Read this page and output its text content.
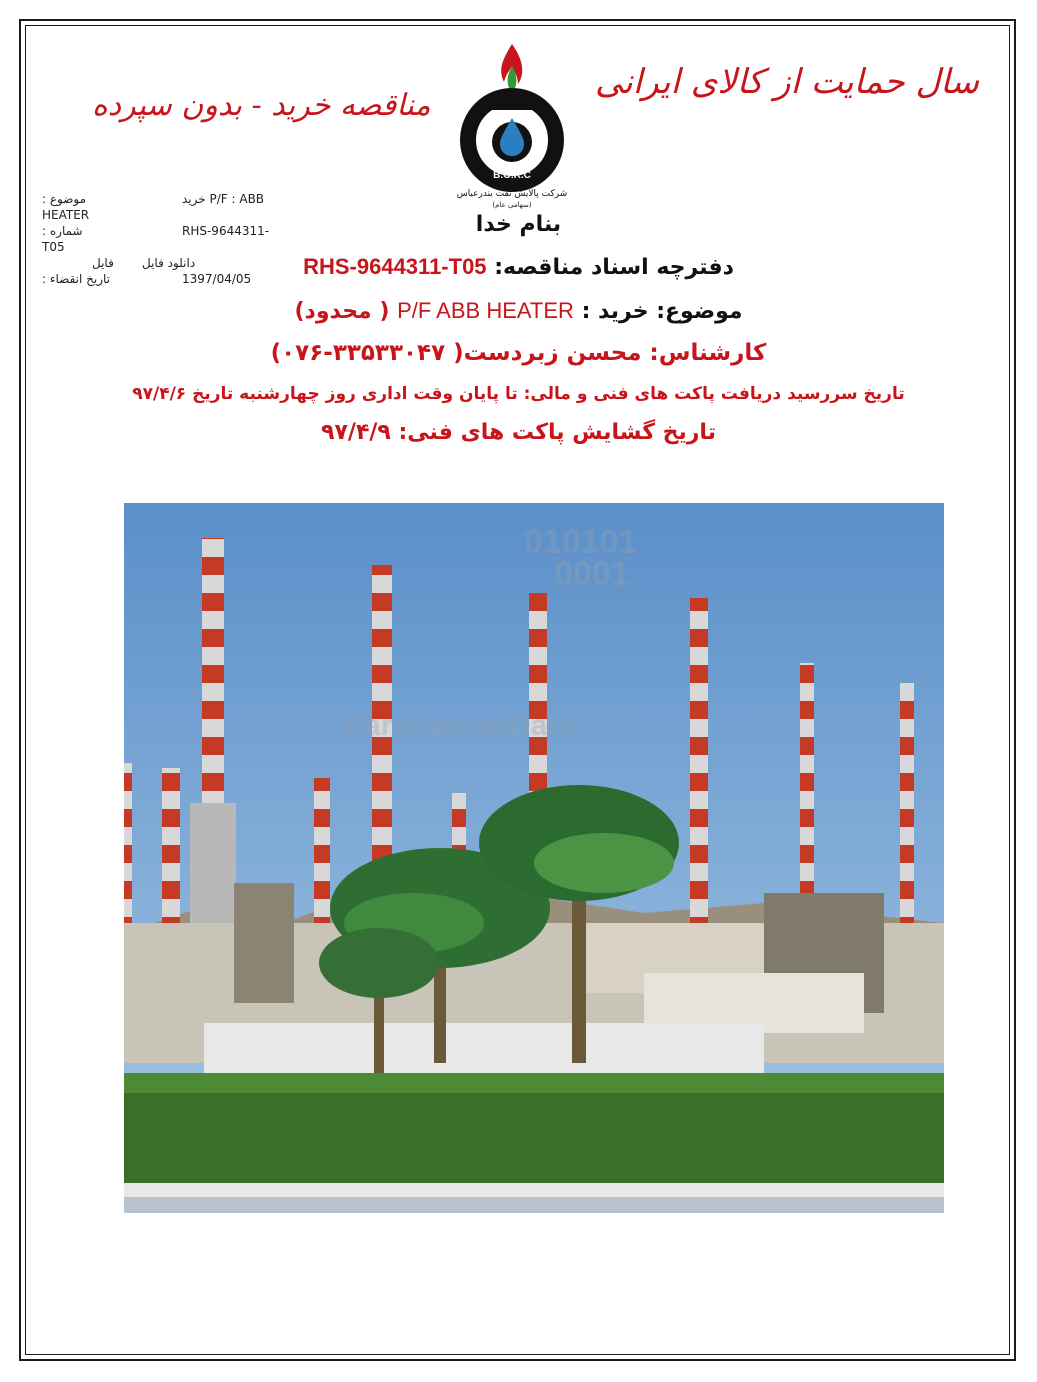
سال حمایت از کالای ایرانی
مناقصه خرید - بدون سپرده
B.O.R.C
شرکت پالایش نفت بندرعباس
(سهامی عام)
موضوع :	خرید P/F : ABB
HEATER
شماره :	RHS-9644311-
T05
فایل دانلود فایل
تاریخ انقضاء :	1397/04/05
بنام خدا
دفترچه اسناد مناقصه: RHS-9644311-T05
موضوع: خرید : P/F ABB HEATER ( محدود)
کارشناس: محسن زبردست( ۳۳۵۳۳۰۴۷-۰۷۶)
تاریخ سررسید دریافت پاکت های فنی و مالی: تا پایان وقت اداری روز چهارشنبه تاریخ ۹۷/۴/۶
تاریخ گشایش پاکت های فنی: ۹۷/۴/۹
010101
0001
ParsNamadData
